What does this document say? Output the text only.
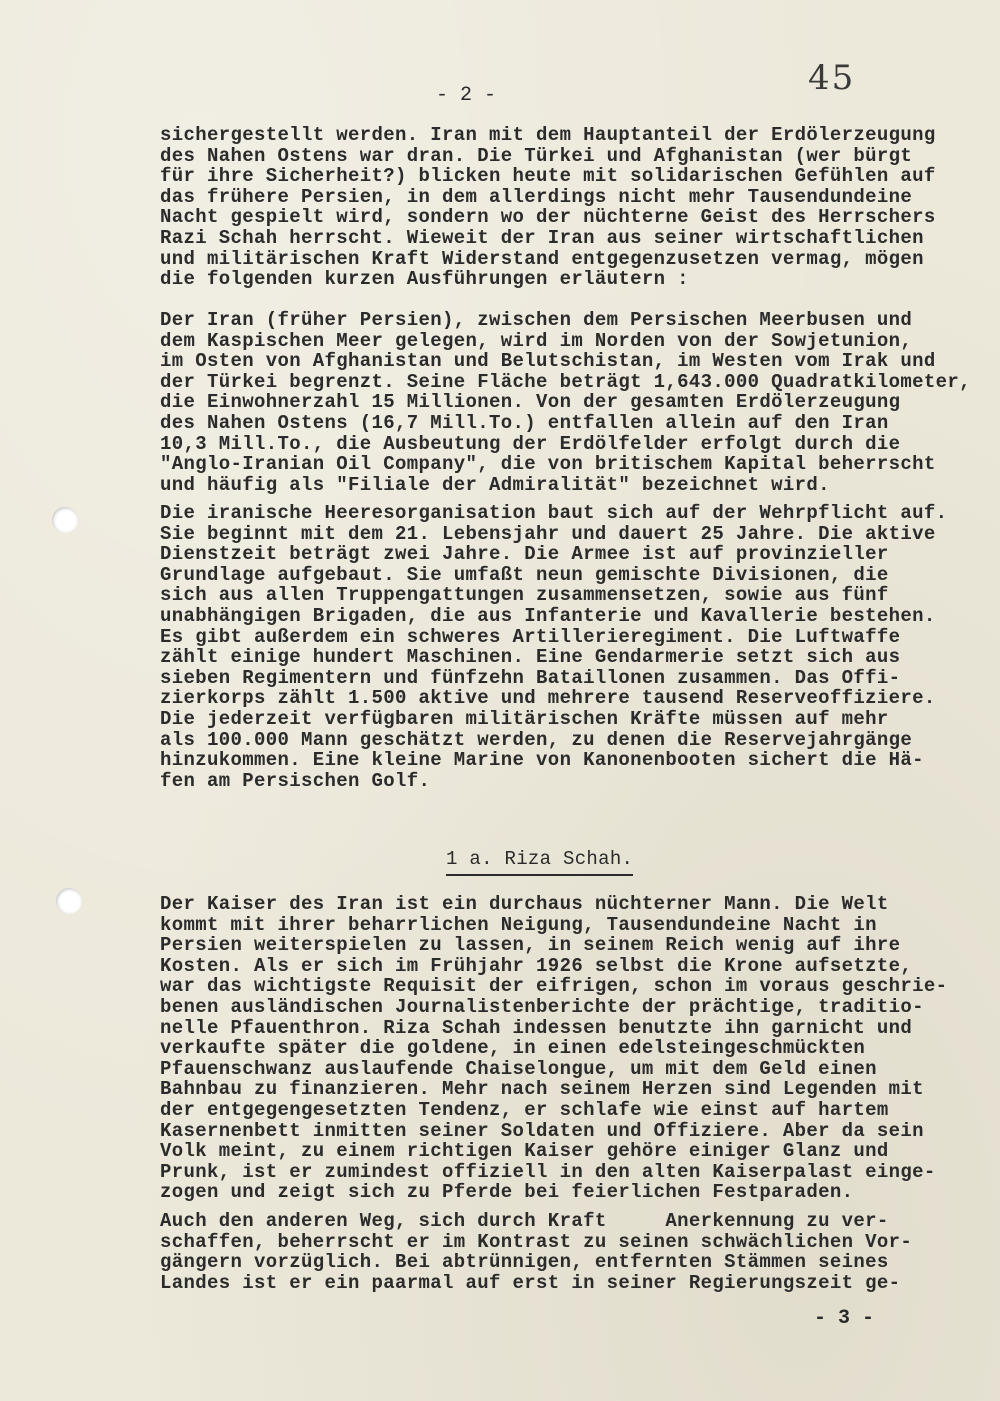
45
- 2 -
sichergestellt werden. Iran mit dem Hauptanteil der Erdölerzeugung
des Nahen Ostens war dran. Die Türkei und Afghanistan (wer bürgt
für ihre Sicherheit?) blicken heute mit solidarischen Gefühlen auf
das frühere Persien, in dem allerdings nicht mehr Tausendundeine
Nacht gespielt wird, sondern wo der nüchterne Geist des Herrschers
Razi Schah herrscht. Wieweit der Iran aus seiner wirtschaftlichen
und militärischen Kraft Widerstand entgegenzusetzen vermag, mögen
die folgenden kurzen Ausführungen erläutern :
Der Iran (früher Persien), zwischen dem Persischen Meerbusen und
dem Kaspischen Meer gelegen, wird im Norden von der Sowjetunion,
im Osten von Afghanistan und Belutschistan, im Westen vom Irak und
der Türkei begrenzt. Seine Fläche beträgt 1,643.000 Quadratkilometer,
die Einwohnerzahl 15 Millionen. Von der gesamten Erdölerzeugung
des Nahen Ostens (16,7 Mill.To.) entfallen allein auf den Iran
10,3 Mill.To., die Ausbeutung der Erdölfelder erfolgt durch die
"Anglo-Iranian Oil Company", die von britischem Kapital beherrscht
und häufig als "Filiale der Admiralität" bezeichnet wird.
Die iranische Heeresorganisation baut sich auf der Wehrpflicht auf.
Sie beginnt mit dem 21. Lebensjahr und dauert 25 Jahre. Die aktive
Dienstzeit beträgt zwei Jahre. Die Armee ist auf provinzieller
Grundlage aufgebaut. Sie umfaßt neun gemischte Divisionen, die
sich aus allen Truppengattungen zusammensetzen, sowie aus fünf
unabhängigen Brigaden, die aus Infanterie und Kavallerie bestehen.
Es gibt außerdem ein schweres Artillerieregiment. Die Luftwaffe
zählt einige hundert Maschinen. Eine Gendarmerie setzt sich aus
sieben Regimentern und fünfzehn Bataillonen zusammen. Das Offi-
zierkorps zählt 1.500 aktive und mehrere tausend Reserveoffiziere.
Die jederzeit verfügbaren militärischen Kräfte müssen auf mehr
als 100.000 Mann geschätzt werden, zu denen die Reservejahrgänge
hinzukommen. Eine kleine Marine von Kanonenbooten sichert die Hä-
fen am Persischen Golf.
1 a. Riza Schah.
Der Kaiser des Iran ist ein durchaus nüchterner Mann. Die Welt
kommt mit ihrer beharrlichen Neigung, Tausendundeine Nacht in
Persien weiterspielen zu lassen, in seinem Reich wenig auf ihre
Kosten. Als er sich im Frühjahr 1926 selbst die Krone aufsetzte,
war das wichtigste Requisit der eifrigen, schon im voraus geschrie-
benen ausländischen Journalistenberichte der prächtige, traditio-
nelle Pfauenthron. Riza Schah indessen benutzte ihn garnicht und
verkaufte später die goldene, in einen edelsteingeschmückten
Pfauenschwanz auslaufende Chaiselongue, um mit dem Geld einen
Bahnbau zu finanzieren. Mehr nach seinem Herzen sind Legenden mit
der entgegengesetzten Tendenz, er schlafe wie einst auf hartem
Kasernenbett inmitten seiner Soldaten und Offiziere. Aber da sein
Volk meint, zu einem richtigen Kaiser gehöre einiger Glanz und
Prunk, ist er zumindest offiziell in den alten Kaiserpalast einge-
zogen und zeigt sich zu Pferde bei feierlichen Festparaden.
Auch den anderen Weg, sich durch Kraft     Anerkennung zu ver-
schaffen, beherrscht er im Kontrast zu seinen schwächlichen Vor-
gängern vorzüglich. Bei abtrünnigen, entfernten Stämmen seines
Landes ist er ein paarmal auf erst in seiner Regierungszeit ge-
- 3 -
